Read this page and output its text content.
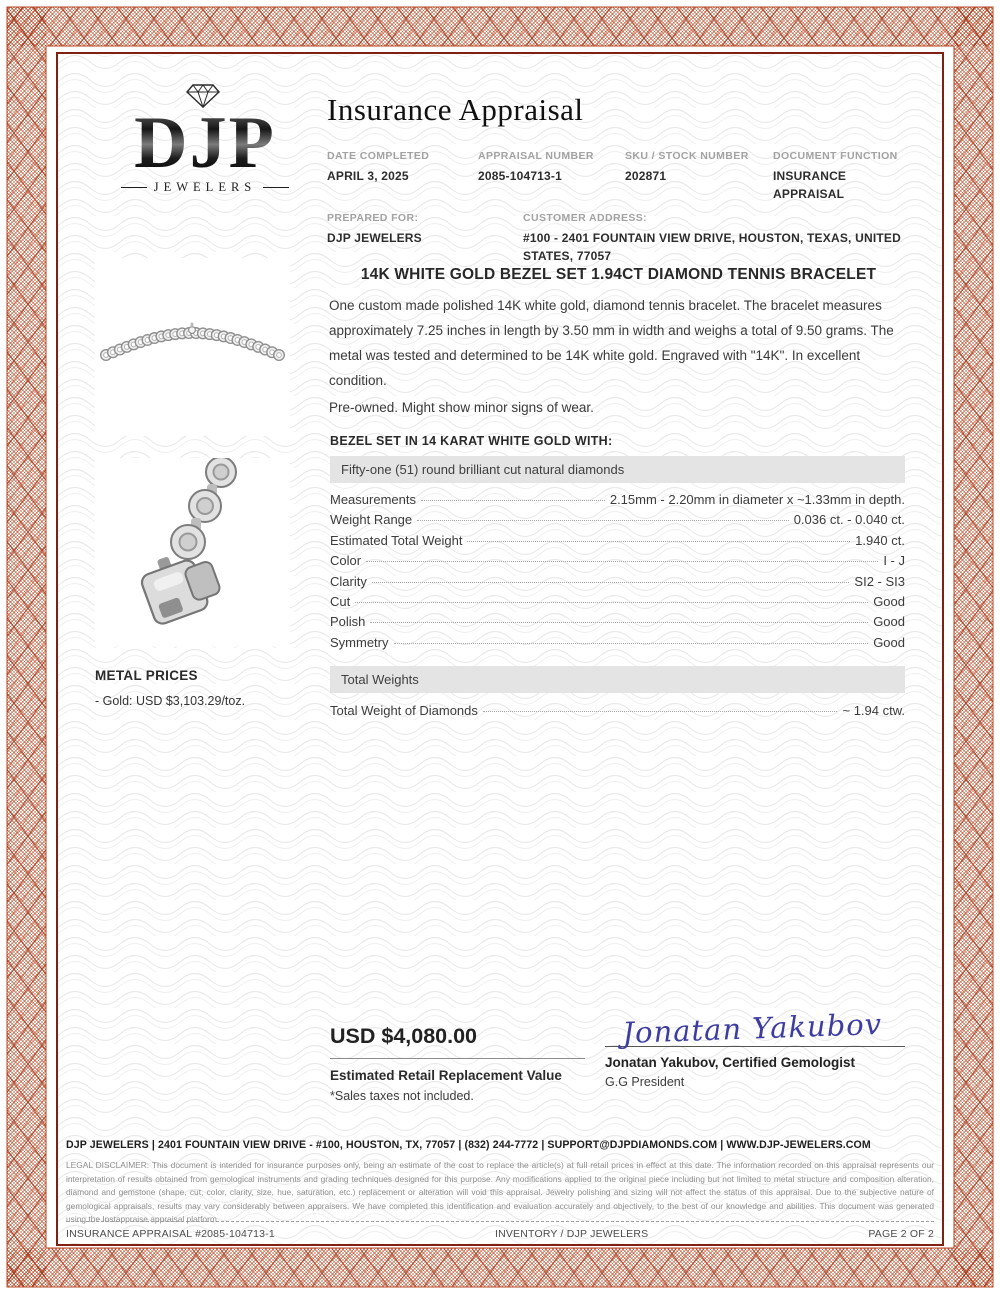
DJP
JEWELERS
Insurance Appraisal
DATE COMPLETED
APRIL 3, 2025
APPRAISAL NUMBER
2085-104713-1
SKU / STOCK NUMBER
202871
DOCUMENT FUNCTION
INSURANCE APPRAISAL
PREPARED FOR:
DJP JEWELERS
CUSTOMER ADDRESS:
#100 - 2401 FOUNTAIN VIEW DRIVE, HOUSTON, TEXAS, UNITED STATES, 77057
METAL PRICES
- Gold: USD $3,103.29/toz.
14K WHITE GOLD BEZEL SET 1.94CT DIAMOND TENNIS BRACELET
One custom made polished 14K white gold, diamond tennis bracelet. The bracelet measures approximately 7.25 inches in length by 3.50 mm in width and weighs a total of 9.50 grams. The metal was tested and determined to be 14K white gold. Engraved with "14K". In excellent condition.
Pre-owned. Might show minor signs of wear.
BEZEL SET IN 14 KARAT WHITE GOLD WITH:
Fifty-one (51) round brilliant cut natural diamonds
Measurements	2.15mm - 2.20mm in diameter x ~1.33mm in depth.
Weight Range	0.036 ct. - 0.040 ct.
Estimated Total Weight	1.940 ct.
Color	I - J
Clarity	SI2 - SI3
Cut	Good
Polish	Good
Symmetry	Good
Total Weights
Total Weight of Diamonds	~ 1.94 ctw.
USD $4,080.00
Estimated Retail Replacement Value
*Sales taxes not included.
Jonatan Yakubov
Jonatan Yakubov, Certified Gemologist
G.G President
DJP JEWELERS | 2401 FOUNTAIN VIEW DRIVE - #100, HOUSTON, TX, 77057 | (832) 244-7772 | SUPPORT@DJPDIAMONDS.COM | WWW.DJP-JEWELERS.COM
LEGAL DISCLAIMER: This document is intended for insurance purposes only, being an estimate of the cost to replace the article(s) at full retail prices in effect at this date. The information recorded on this appraisal represents our interpretation of results obtained from gemological instruments and grading techniques designed for this purpose. Any modifications applied to the original piece including but not limited to metal structure and composition alteration, diamond and gemstone (shape, cut, color, clarity, size, hue, saturation, etc.) replacement or alteration will void this appraisal. Jewelry polishing and sizing will not affect the status of this appraisal. Due to the subjective nature of gemological appraisals, results may vary considerably between appraisers. We have completed this identification and evaluation accurately and objectively, to the best of our knowledge and abilities. This document was generated using the Instappraise appraisal platform.
INSURANCE APPRAISAL #2085-104713-1	INVENTORY / DJP JEWELERS	PAGE 2 OF 2
